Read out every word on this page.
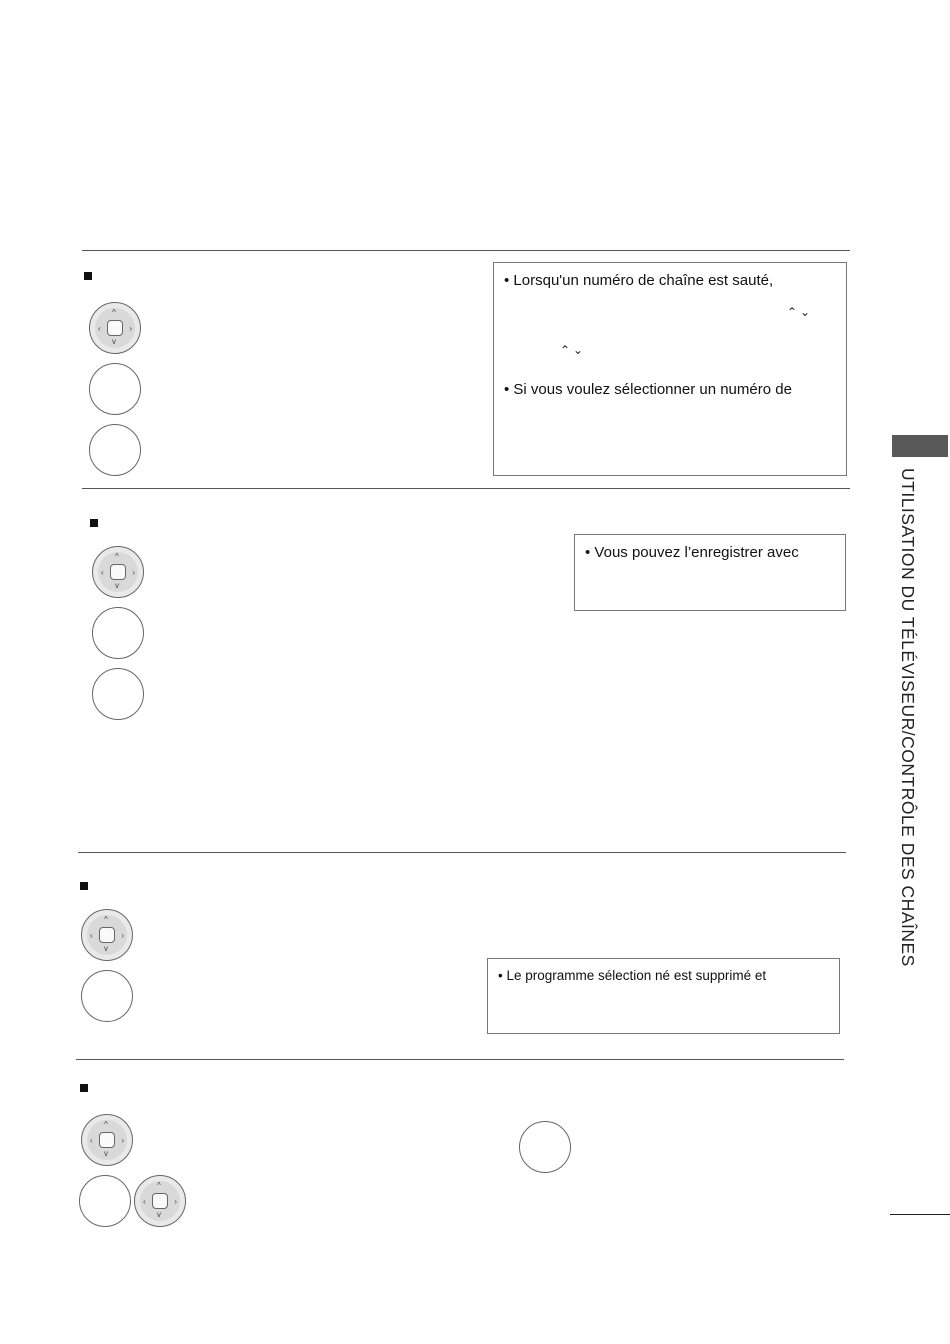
^
v
‹	›
• Lorsqu'un numéro de chaîne est sauté,
⌃⌄
⌃⌄
• Si vous voulez sélectionner un numéro de
^
v
‹	›
• Vous pouvez l’enregistrer avec
^
v
‹	›
• Le programme sélection né est supprimé et
^
v
‹	›
^
v
‹	›
UTILISATION DU TÉLÉVISEUR/CONTRÔLE DES CHAÎNES
